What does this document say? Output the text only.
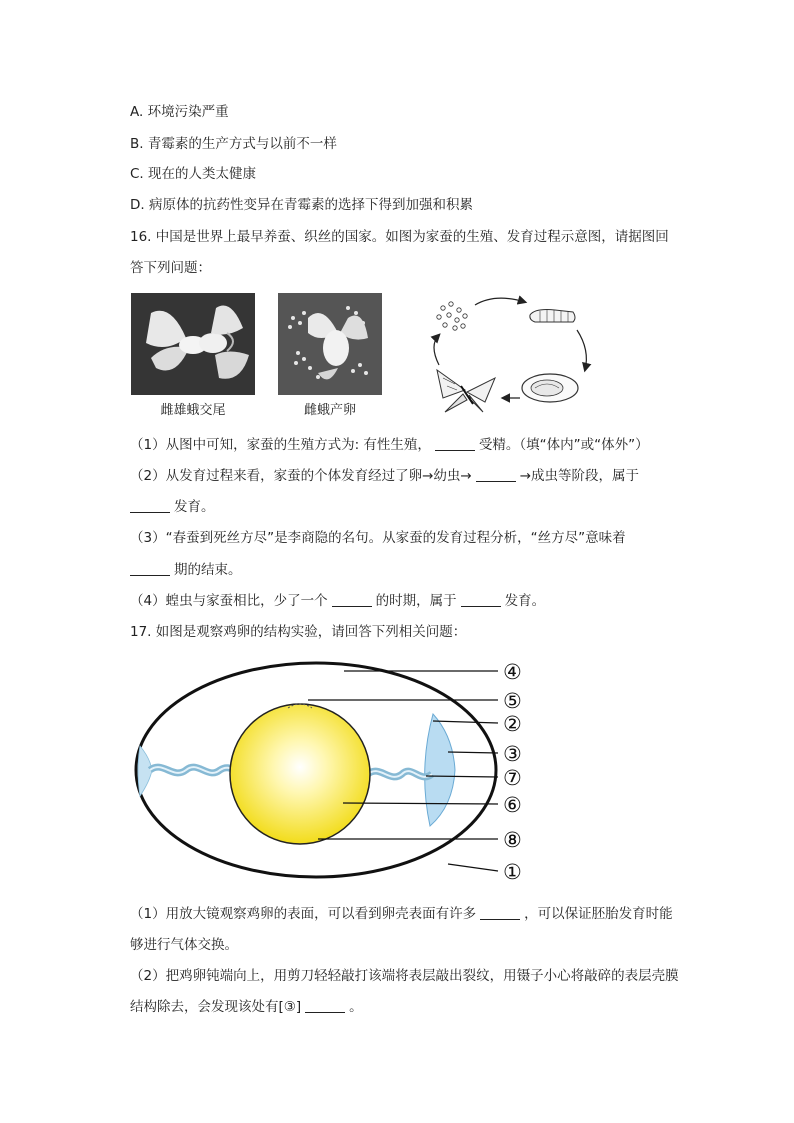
A. 环境污染严重
B. 青霉素的生产方式与以前不一样
C. 现在的人类太健康
D. 病原体的抗药性变异在青霉素的选择下得到加强和积累
16. 中国是世界上最早养蚕、织丝的国家。如图为家蚕的生殖、发育过程示意图，请据图回
答下列问题：
雌雄蛾交尾	雌蛾产卵
（1）从图中可知，家蚕的生殖方式为: 有性生殖，	受精。（填“体内”或“体外”）
（2）从发育过程来看，家蚕的个体发育经过了卵→幼虫→	→成虫等阶段，属于
发育。
（3）“春蚕到死丝方尽”是李商隐的名句。从家蚕的发育过程分析，“丝方尽”意味着
期的结束。
（4）蝗虫与家蚕相比，少了一个	的时期，属于	发育。
17. 如图是观察鸡卵的结构实验，请回答下列相关问题：
④
⑤
②
③
⑦
⑥
⑧
①
（1）用放大镜观察鸡卵的表面，可以看到卵壳表面有许多	，可以保证胚胎发育时能
够进行气体交换。
（2）把鸡卵钝端向上，用剪刀轻轻敲打该端将表层敲出裂纹，用镊子小心将敲碎的表层壳膜
结构除去，会发现该处有[③]	。
